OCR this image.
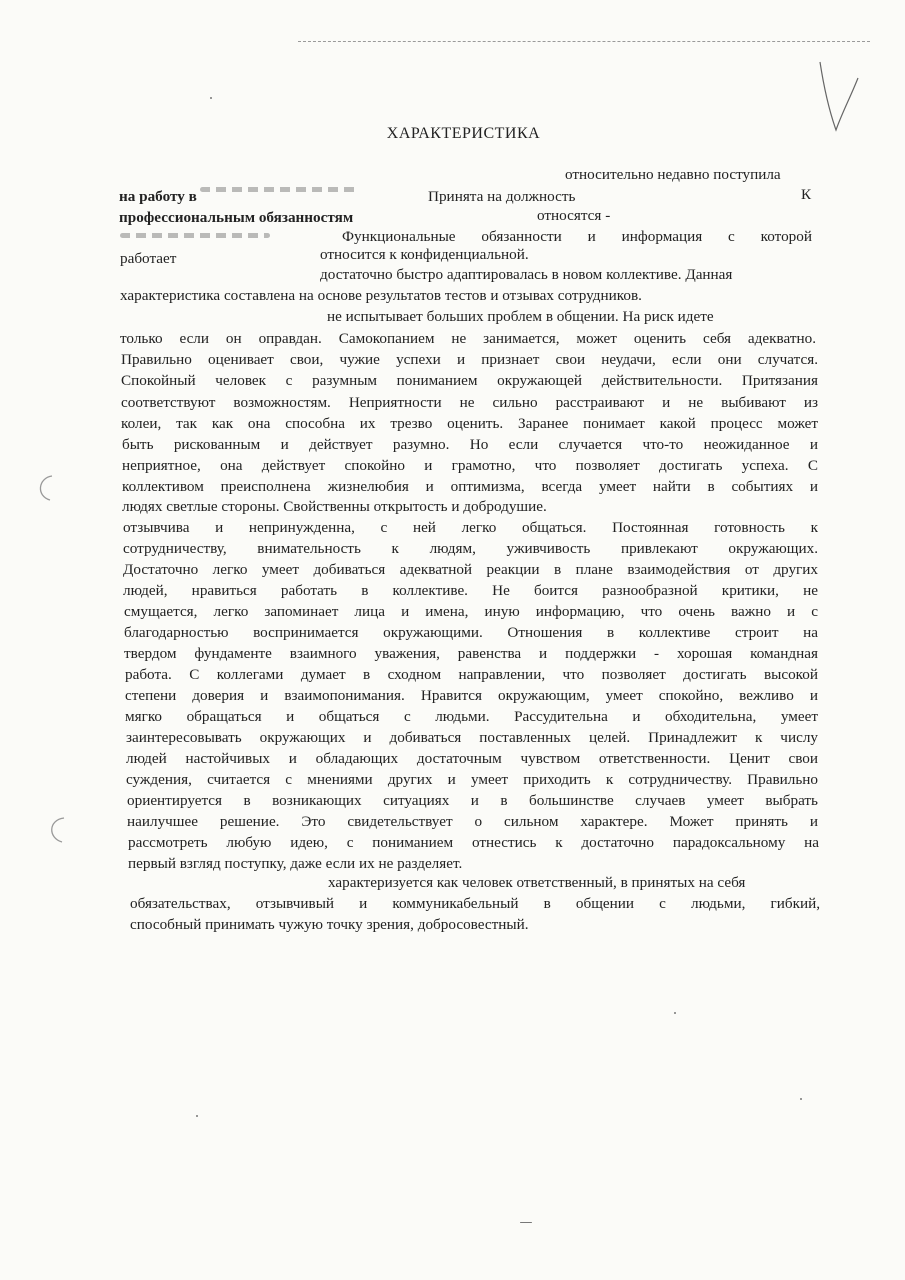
ХАРАКТЕРИСТИКА
относительно недавно поступила
на работу в	Принята на должность	К
профессиональным обязанностям	относятся -
Функциональные обязанности и информация с которой
работает	относится к конфиденциальной.
достаточно быстро адаптировалась в новом коллективе. Данная
характеристика составлена на основе результатов тестов и отзывах сотрудников.
не испытывает больших проблем в общении. На риск идете
только если он оправдан. Самокопанием не занимается, может оценить себя адекватно.
Правильно оценивает свои, чужие успехи и признает свои неудачи, если они случатся.
Спокойный человек с разумным пониманием окружающей действительности. Притязания
соответствуют возможностям. Неприятности не сильно расстраивают и не выбивают из
колеи, так как она способна их трезво оценить. Заранее понимает какой процесс может
быть рискованным и действует разумно. Но если случается что-то неожиданное и
неприятное, она действует спокойно и грамотно, что позволяет достигать успеха. С
коллективом преисполнена жизнелюбия и оптимизма, всегда умеет найти в событиях и
людях светлые стороны. Свойственны открытость и добродушие.
отзывчива и непринужденна, с ней легко общаться. Постоянная готовность к
сотрудничеству, внимательность к людям, уживчивость привлекают окружающих.
Достаточно легко умеет добиваться адекватной реакции в плане взаимодействия от других
людей, нравиться работать в коллективе. Не боится разнообразной критики, не
смущается, легко запоминает лица и имена, иную информацию, что очень важно и с
благодарностью воспринимается окружающими. Отношения в коллективе строит на
твердом фундаменте взаимного уважения, равенства и поддержки - хорошая командная
работа. С коллегами думает в сходном направлении, что позволяет достигать высокой
степени доверия и взаимопонимания. Нравится окружающим, умеет спокойно, вежливо и
мягко обращаться и общаться с людьми. Рассудительна и обходительна, умеет
заинтересовывать окружающих и добиваться поставленных целей. Принадлежит к числу
людей настойчивых и обладающих достаточным чувством ответственности. Ценит свои
суждения, считается с мнениями других и умеет приходить к сотрудничеству. Правильно
ориентируется в возникающих ситуациях и в большинстве случаев умеет выбрать
наилучшее решение. Это свидетельствует о сильном характере. Может принять и
рассмотреть любую идею, с пониманием отнестись к достаточно парадоксальному на
первый взгляд поступку, даже если их не разделяет.
характеризуется как человек ответственный, в принятых на себя
обязательствах, отзывчивый и коммуникабельный в общении с людьми, гибкий,
способный принимать чужую точку зрения, добросовестный.
